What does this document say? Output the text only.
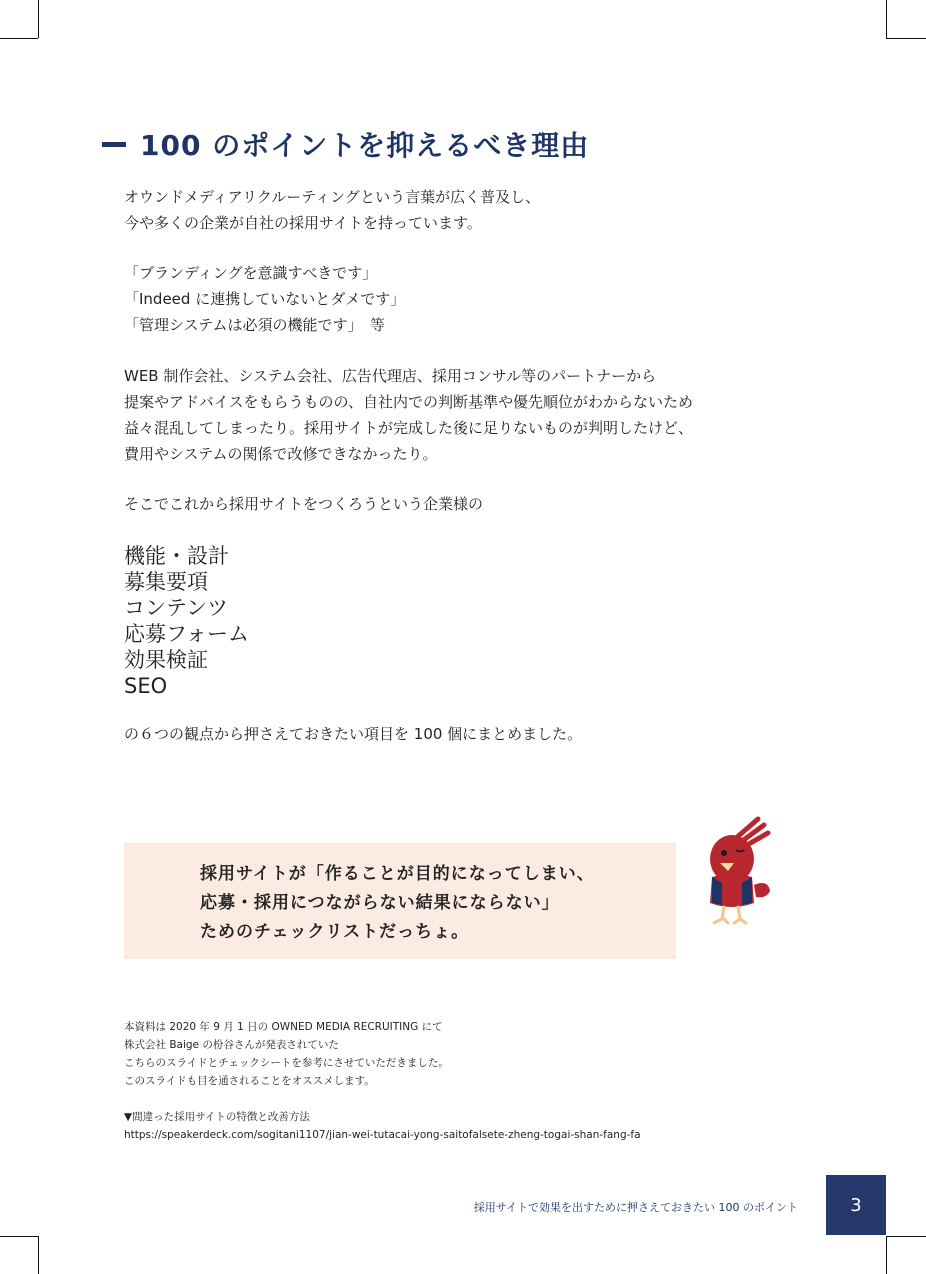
100 のポイントを抑えるべき理由
オウンドメディアリクルーティングという言葉が広く普及し、
今や多くの企業が自社の採用サイトを持っています。
「ブランディングを意識すべきです」
「Indeed に連携していないとダメです」
「管理システムは必須の機能です」　等
WEB 制作会社、システム会社、広告代理店、採用コンサル等のパートナーから
提案やアドバイスをもらうものの、自社内での判断基準や優先順位がわからないため
益々混乱してしまったり。採用サイトが完成した後に足りないものが判明したけど、
費用やシステムの関係で改修できなかったり。
そこでこれから採用サイトをつくろうという企業様の
機能・設計
募集要項
コンテンツ
応募フォーム
効果検証
SEO
の６つの観点から押さえておきたい項目を 100 個にまとめました。
採用サイトが「作ることが目的になってしまい、
応募・採用につながらない結果にならない」
ためのチェックリストだっちょ。
本資料は 2020 年 9 月 1 日の OWNED MEDIA RECRUITING にて
株式会社 Baige の枌谷さんが発表されていた
こちらのスライドとチェックシートを参考にさせていただきました。
このスライドも目を通されることをオススメします。
▼間違った採用サイトの特徴と改善方法
https://speakerdeck.com/sogitani1107/jian-wei-tutacai-yong-saitofalsete-zheng-togai-shan-fang-fa
採用サイトで効果を出すために押さえておきたい 100 のポイント	3
